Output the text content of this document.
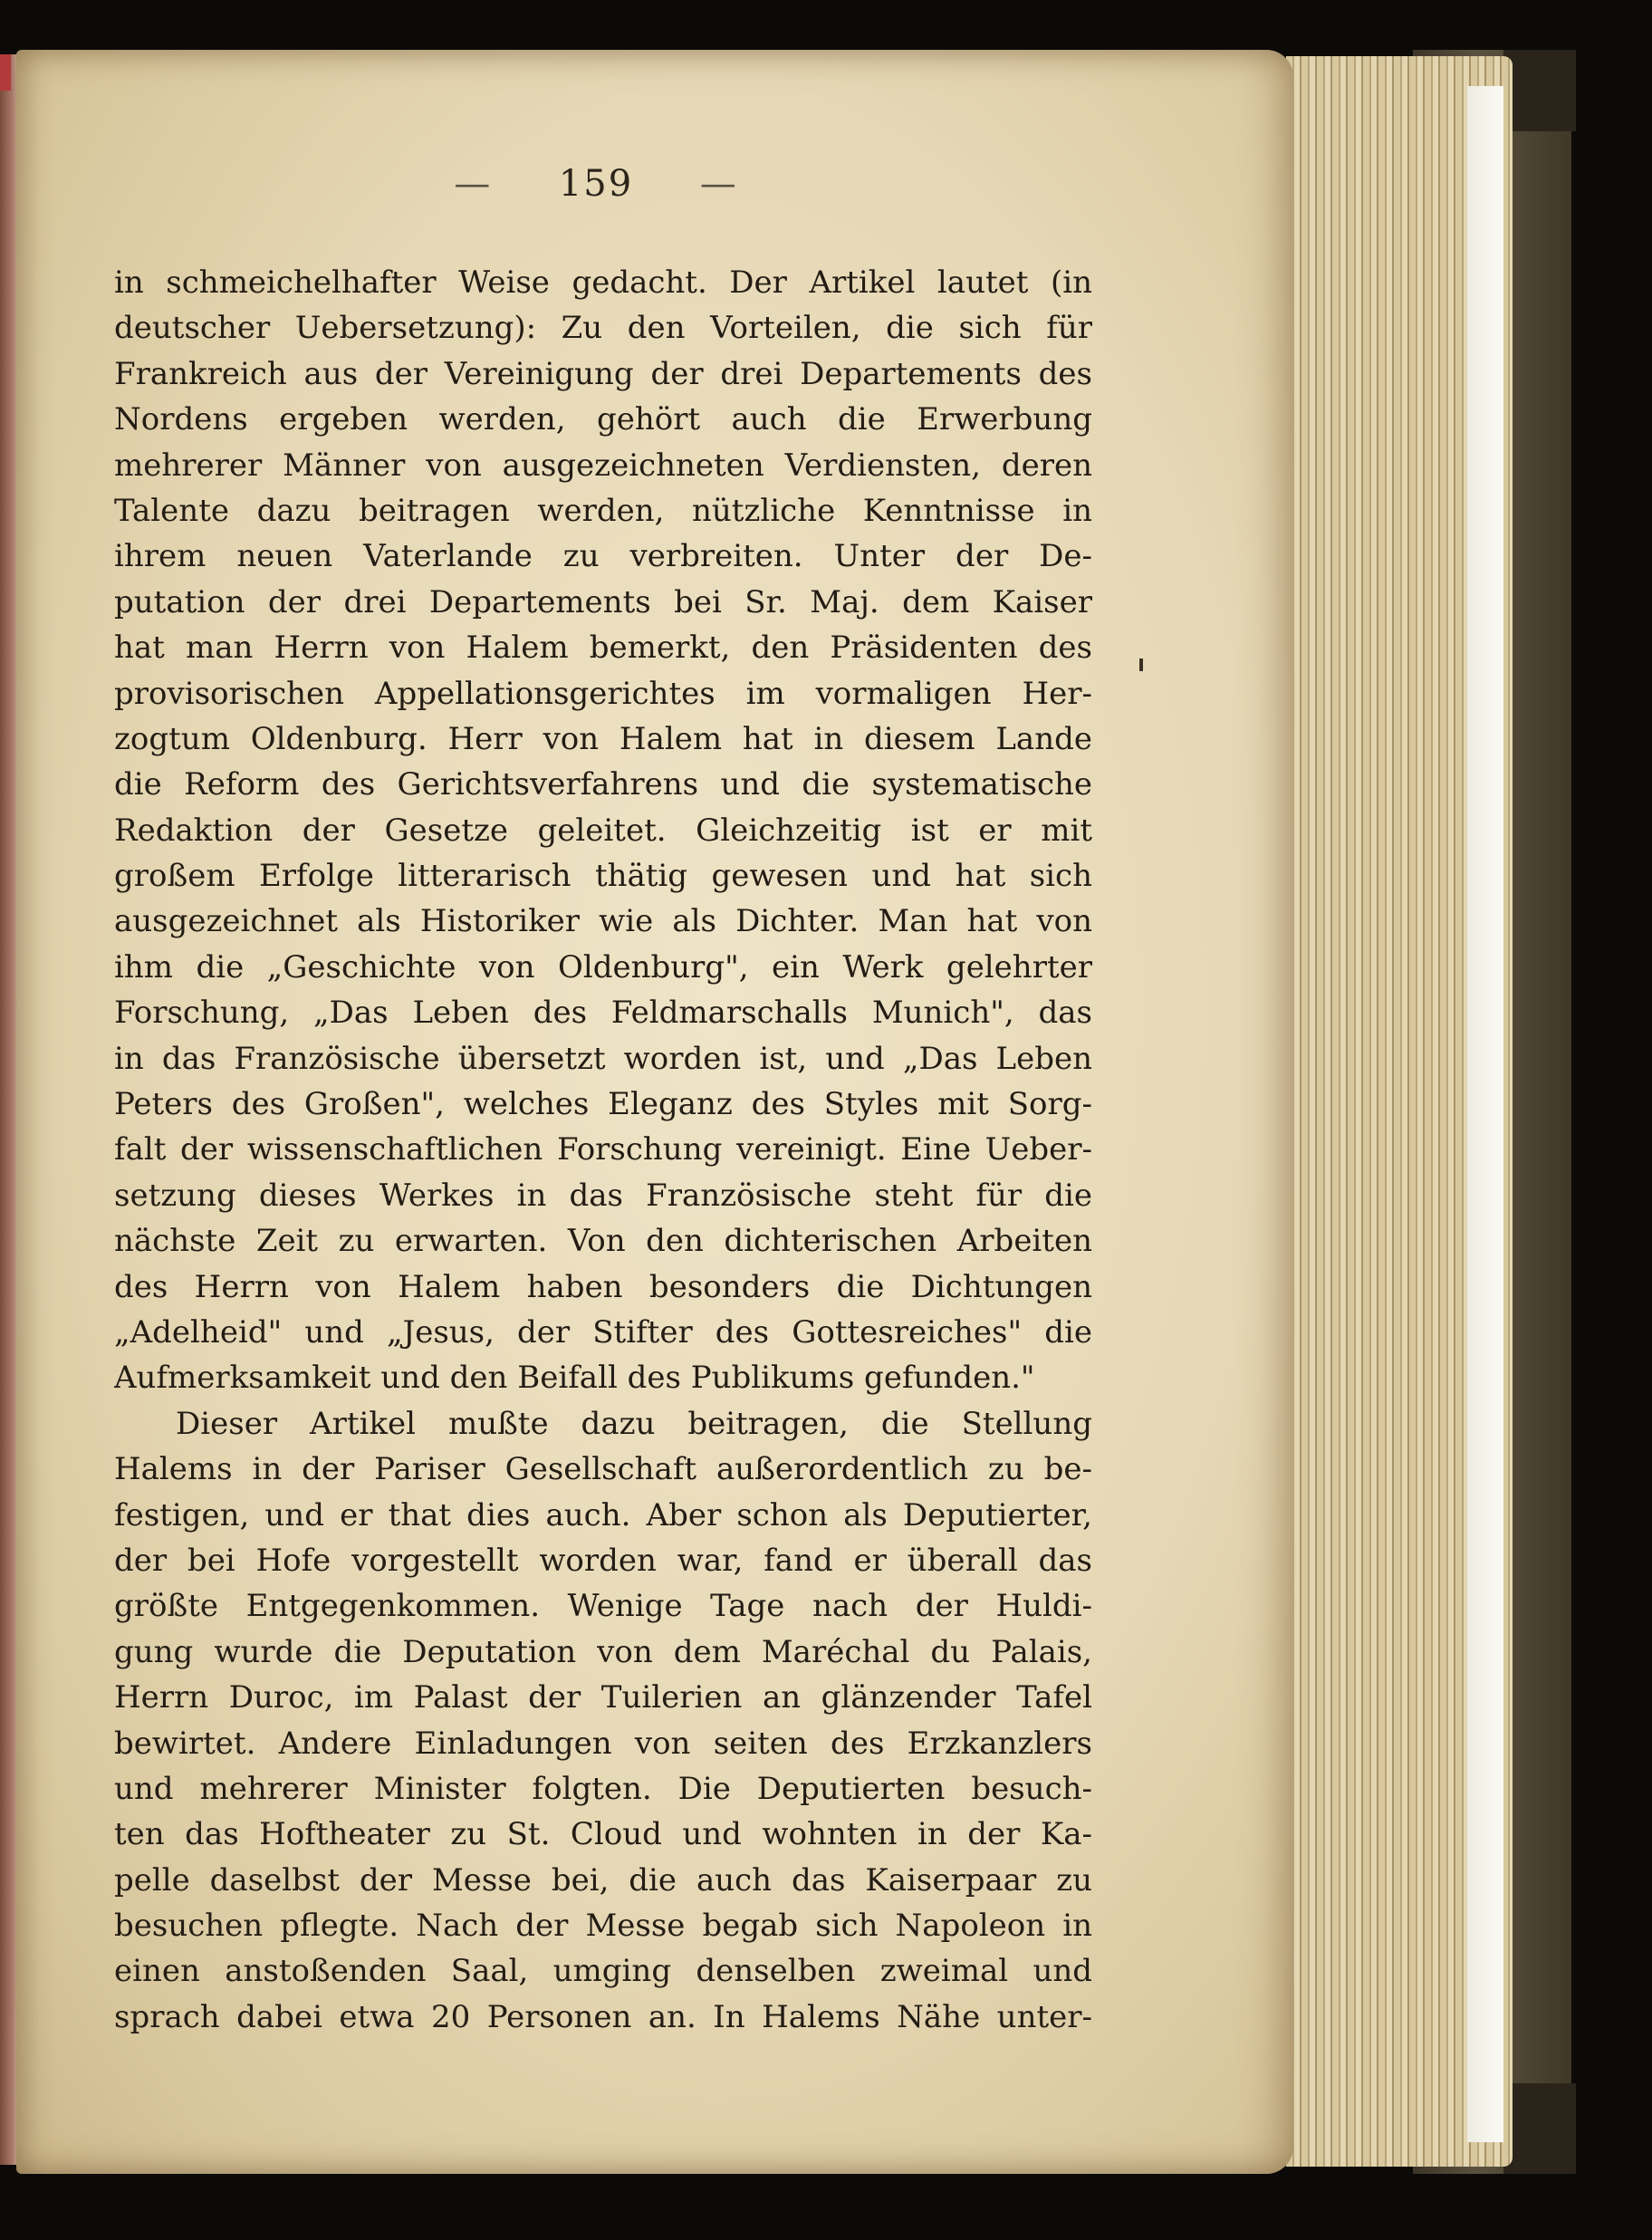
— 159 —
in schmeichelhafter Weise gedacht. Der Artikel lautet (in
deutscher Uebersetzung): Zu den Vorteilen, die sich für
Frankreich aus der Vereinigung der drei Departements des
Nordens ergeben werden, gehört auch die Erwerbung
mehrerer Männer von ausgezeichneten Verdiensten, deren
Talente dazu beitragen werden, nützliche Kenntnisse in
ihrem neuen Vaterlande zu verbreiten. Unter der De-
putation der drei Departements bei Sr. Maj. dem Kaiser
hat man Herrn von Halem bemerkt, den Präsidenten des
provisorischen Appellationsgerichtes im vormaligen Her-
zogtum Oldenburg. Herr von Halem hat in diesem Lande
die Reform des Gerichtsverfahrens und die systematische
Redaktion der Gesetze geleitet. Gleichzeitig ist er mit
großem Erfolge litterarisch thätig gewesen und hat sich
ausgezeichnet als Historiker wie als Dichter. Man hat von
ihm die „Geschichte von Oldenburg", ein Werk gelehrter
Forschung, „Das Leben des Feldmarschalls Munich", das
in das Französische übersetzt worden ist, und „Das Leben
Peters des Großen", welches Eleganz des Styles mit Sorg-
falt der wissenschaftlichen Forschung vereinigt. Eine Ueber-
setzung dieses Werkes in das Französische steht für die
nächste Zeit zu erwarten. Von den dichterischen Arbeiten
des Herrn von Halem haben besonders die Dichtungen
„Adelheid" und „Jesus, der Stifter des Gottesreiches" die
Aufmerksamkeit und den Beifall des Publikums gefunden."
Dieser Artikel mußte dazu beitragen, die Stellung
Halems in der Pariser Gesellschaft außerordentlich zu be-
festigen, und er that dies auch. Aber schon als Deputierter,
der bei Hofe vorgestellt worden war, fand er überall das
größte Entgegenkommen. Wenige Tage nach der Huldi-
gung wurde die Deputation von dem Maréchal du Palais,
Herrn Duroc, im Palast der Tuilerien an glänzender Tafel
bewirtet. Andere Einladungen von seiten des Erzkanzlers
und mehrerer Minister folgten. Die Deputierten besuch-
ten das Hoftheater zu St. Cloud und wohnten in der Ka-
pelle daselbst der Messe bei, die auch das Kaiserpaar zu
besuchen pflegte. Nach der Messe begab sich Napoleon in
einen anstoßenden Saal, umging denselben zweimal und
sprach dabei etwa 20 Personen an. In Halems Nähe unter-
